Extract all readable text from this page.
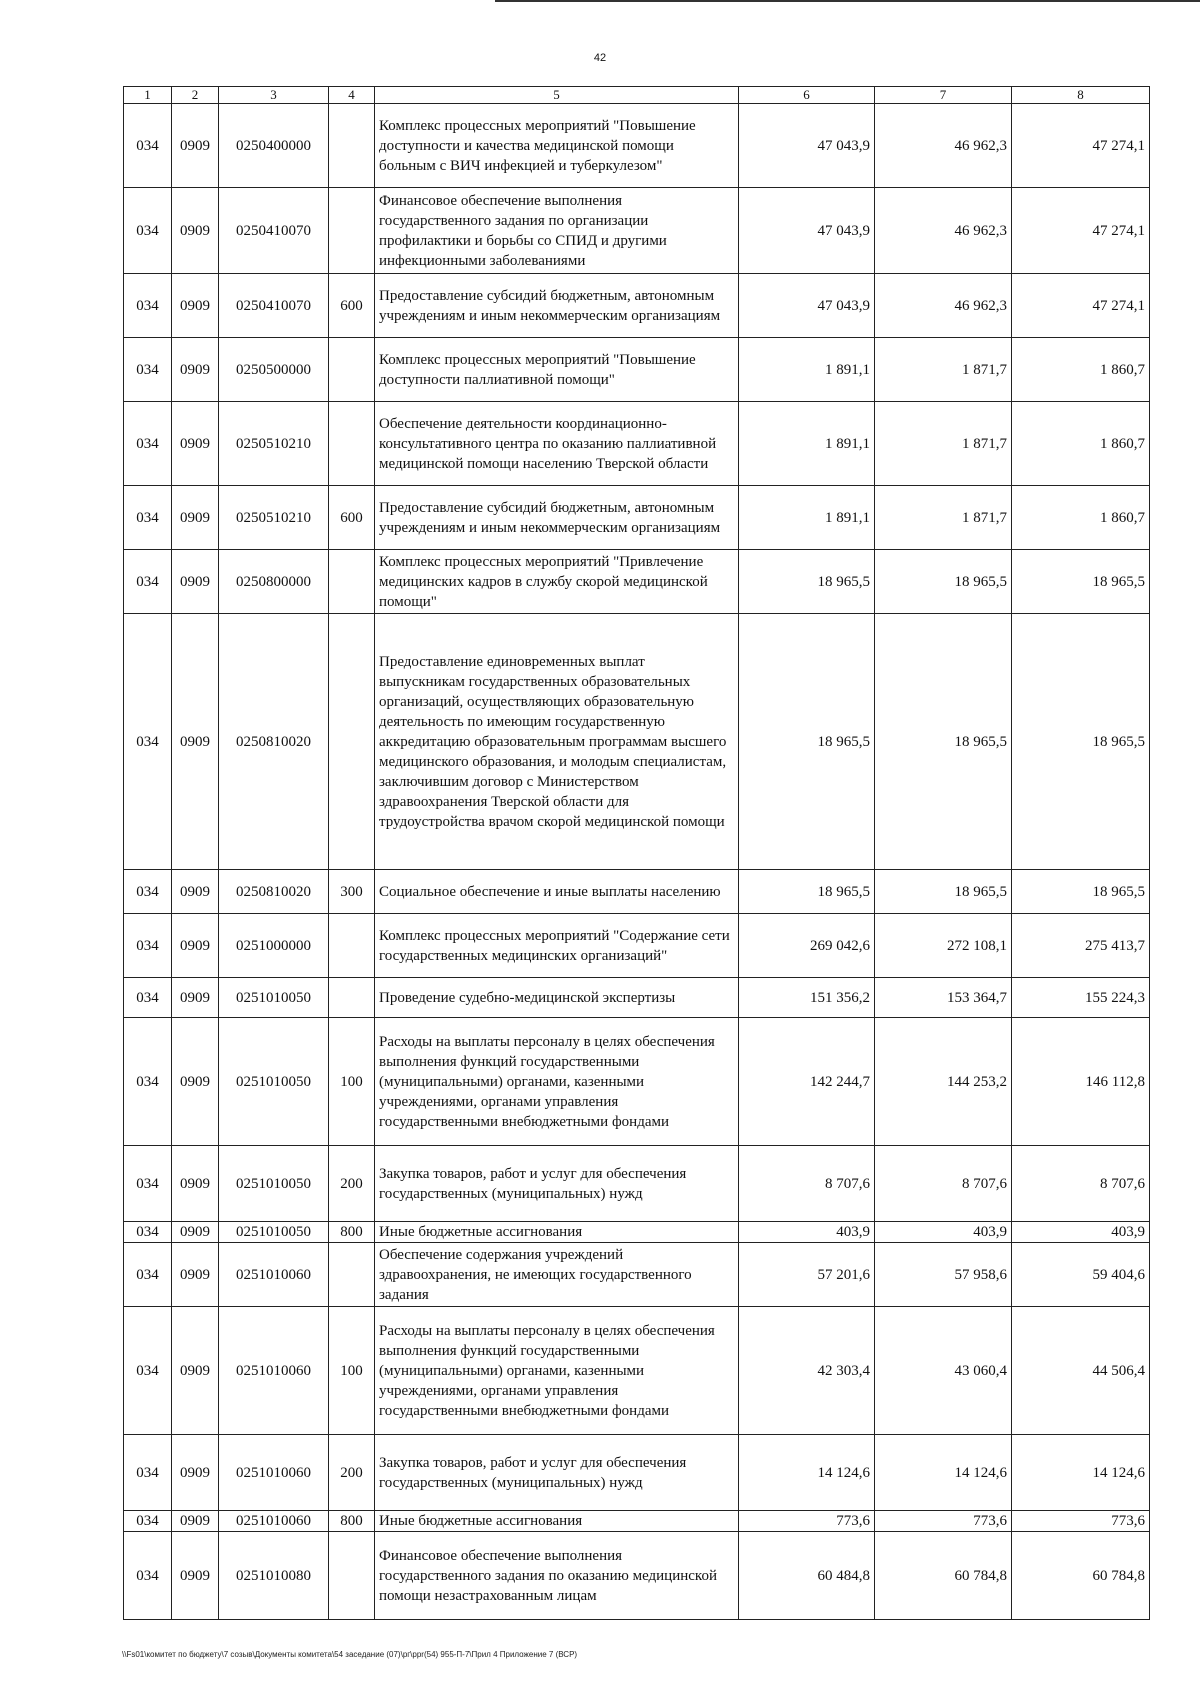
42
1	2	3	4	5	6	7	8
034	0909	0250400000		Комплекс процессных мероприятий "Повышение доступности и качества медицинской помощи больным с ВИЧ инфекцией и туберкулезом"	47 043,9	46 962,3	47 274,1
034	0909	0250410070		Финансовое обеспечение выполнения государственного задания по организации профилактики и борьбы со СПИД и другими инфекционными заболеваниями	47 043,9	46 962,3	47 274,1
034	0909	0250410070	600	Предоставление субсидий бюджетным, автономным учреждениям и иным некоммерческим организациям	47 043,9	46 962,3	47 274,1
034	0909	0250500000		Комплекс процессных мероприятий "Повышение доступности паллиативной помощи"	1 891,1	1 871,7	1 860,7
034	0909	0250510210		Обеспечение деятельности координационно-консультативного центра по оказанию паллиативной медицинской помощи населению Тверской области	1 891,1	1 871,7	1 860,7
034	0909	0250510210	600	Предоставление субсидий бюджетным, автономным учреждениям и иным некоммерческим организациям	1 891,1	1 871,7	1 860,7
034	0909	0250800000		Комплекс процессных мероприятий "Привлечение медицинских кадров в службу скорой медицинской помощи"	18 965,5	18 965,5	18 965,5
034	0909	0250810020		Предоставление единовременных выплат выпускникам государственных образовательных организаций, осуществляющих образовательную деятельность по имеющим государственную аккредитацию образовательным программам высшего медицинского образования, и молодым специалистам, заключившим договор с Министерством здравоохранения Тверской области для трудоустройства врачом скорой медицинской помощи	18 965,5	18 965,5	18 965,5
034	0909	0250810020	300	Социальное обеспечение и иные выплаты населению	18 965,5	18 965,5	18 965,5
034	0909	0251000000		Комплекс процессных мероприятий "Содержание сети государственных медицинских организаций"	269 042,6	272 108,1	275 413,7
034	0909	0251010050		Проведение судебно-медицинской экспертизы	151 356,2	153 364,7	155 224,3
034	0909	0251010050	100	Расходы на выплаты персоналу в целях обеспечения выполнения функций государственными (муниципальными) органами, казенными учреждениями, органами управления государственными внебюджетными фондами	142 244,7	144 253,2	146 112,8
034	0909	0251010050	200	Закупка товаров, работ и услуг для обеспечения государственных (муниципальных) нужд	8 707,6	8 707,6	8 707,6
034	0909	0251010050	800	Иные бюджетные ассигнования	403,9	403,9	403,9
034	0909	0251010060		Обеспечение содержания учреждений здравоохранения, не имеющих государственного задания	57 201,6	57 958,6	59 404,6
034	0909	0251010060	100	Расходы на выплаты персоналу в целях обеспечения выполнения функций государственными (муниципальными) органами, казенными учреждениями, органами управления государственными внебюджетными фондами	42 303,4	43 060,4	44 506,4
034	0909	0251010060	200	Закупка товаров, работ и услуг для обеспечения государственных (муниципальных) нужд	14 124,6	14 124,6	14 124,6
034	0909	0251010060	800	Иные бюджетные ассигнования	773,6	773,6	773,6
034	0909	0251010080		Финансовое обеспечение выполнения государственного задания по оказанию медицинской помощи незастрахованным лицам	60 484,8	60 784,8	60 784,8
\\Fs01\комитет по бюджету\7 созыв\Документы комитета\54 заседание (07)\рг\ppr(54) 955-П-7\Прил 4 Приложение 7 (ВСР)
